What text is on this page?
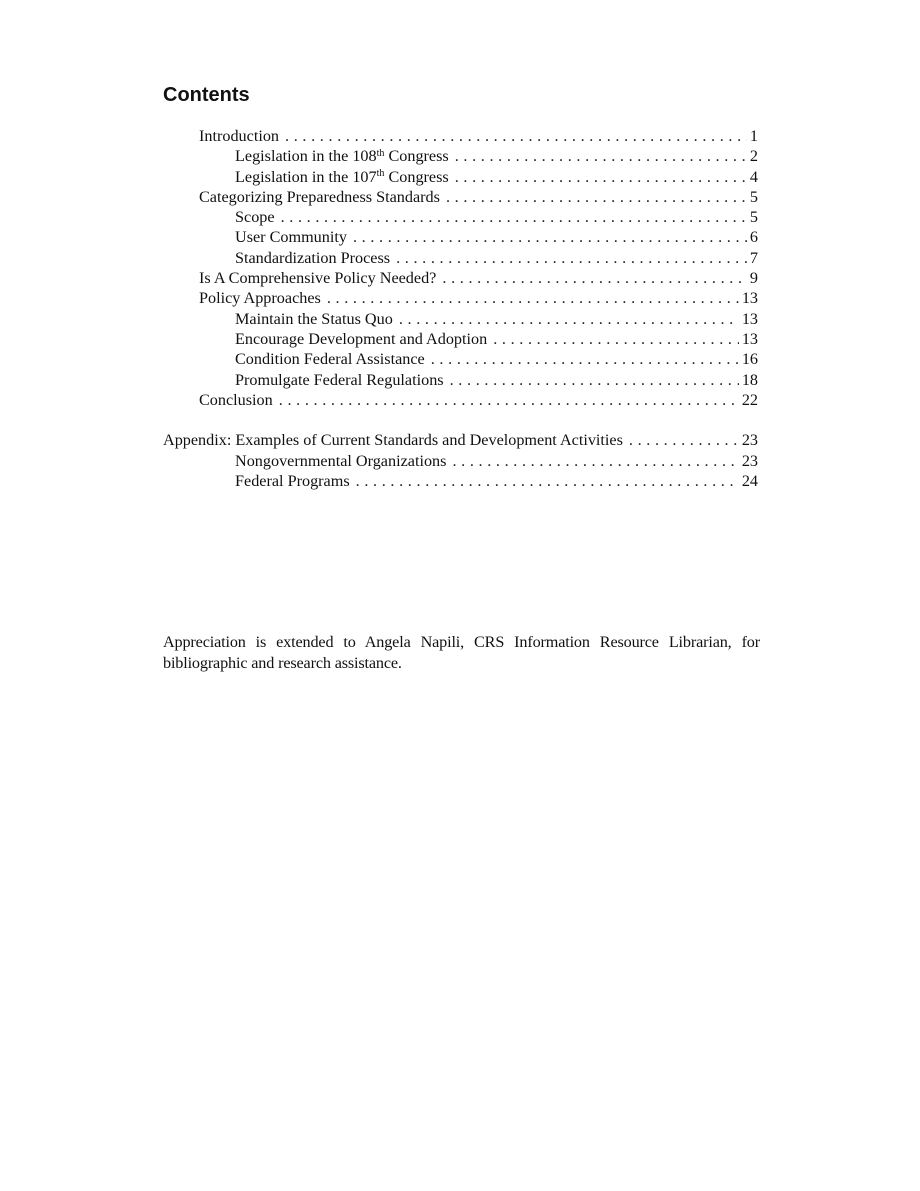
Contents
Introduction . . .	1
Legislation in the 108th Congress . . .	2
Legislation in the 107th Congress . . .	4
Categorizing Preparedness Standards . . .	5
Scope . . .	5
User Community . . .	6
Standardization Process . . .	7
Is A Comprehensive Policy Needed? . . .	9
Policy Approaches . . .	13
Maintain the Status Quo . . .	13
Encourage Development and Adoption . . .	13
Condition Federal Assistance . . .	16
Promulgate Federal Regulations . . .	18
Conclusion . . .	22
Appendix: Examples of Current Standards and Development Activities . . .	23
Nongovernmental Organizations . . .	23
Federal Programs . . .	24

Appreciation is extended to Angela Napili, CRS Information Resource Librarian, for bibliographic and research assistance.
